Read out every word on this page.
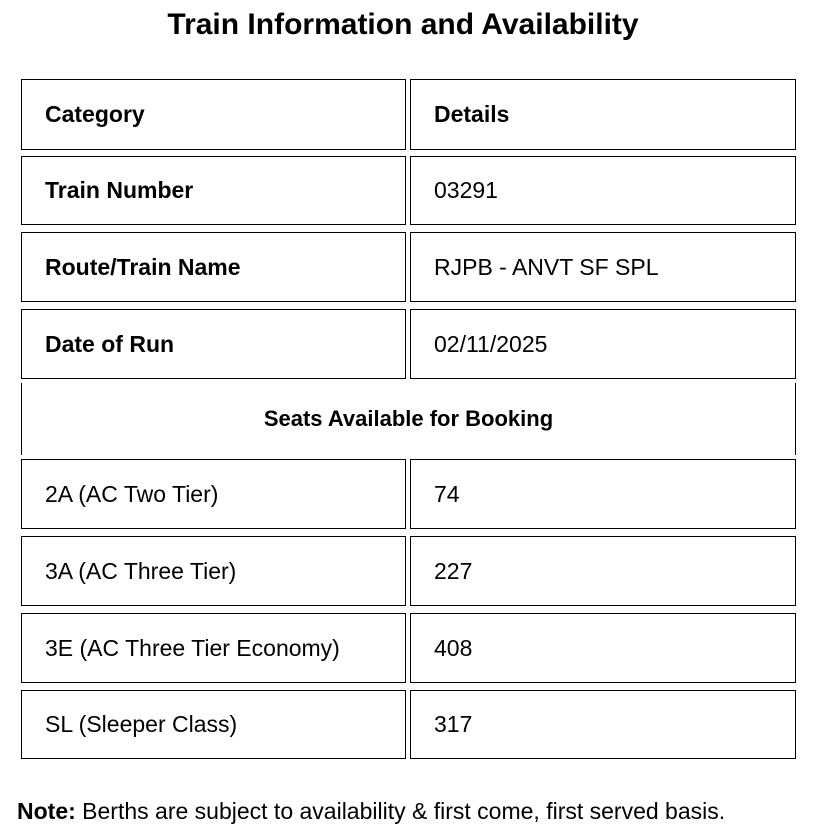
Train Information and Availability
Category	Details
Train Number	03291
Route/Train Name	RJPB - ANVT SF SPL
Date of Run	02/11/2025
Seats Available for Booking
2A (AC Two Tier)	74
3A (AC Three Tier)	227
3E (AC Three Tier Economy)	408
SL (Sleeper Class)	317
Note: Berths are subject to availability & first come, first served basis.
